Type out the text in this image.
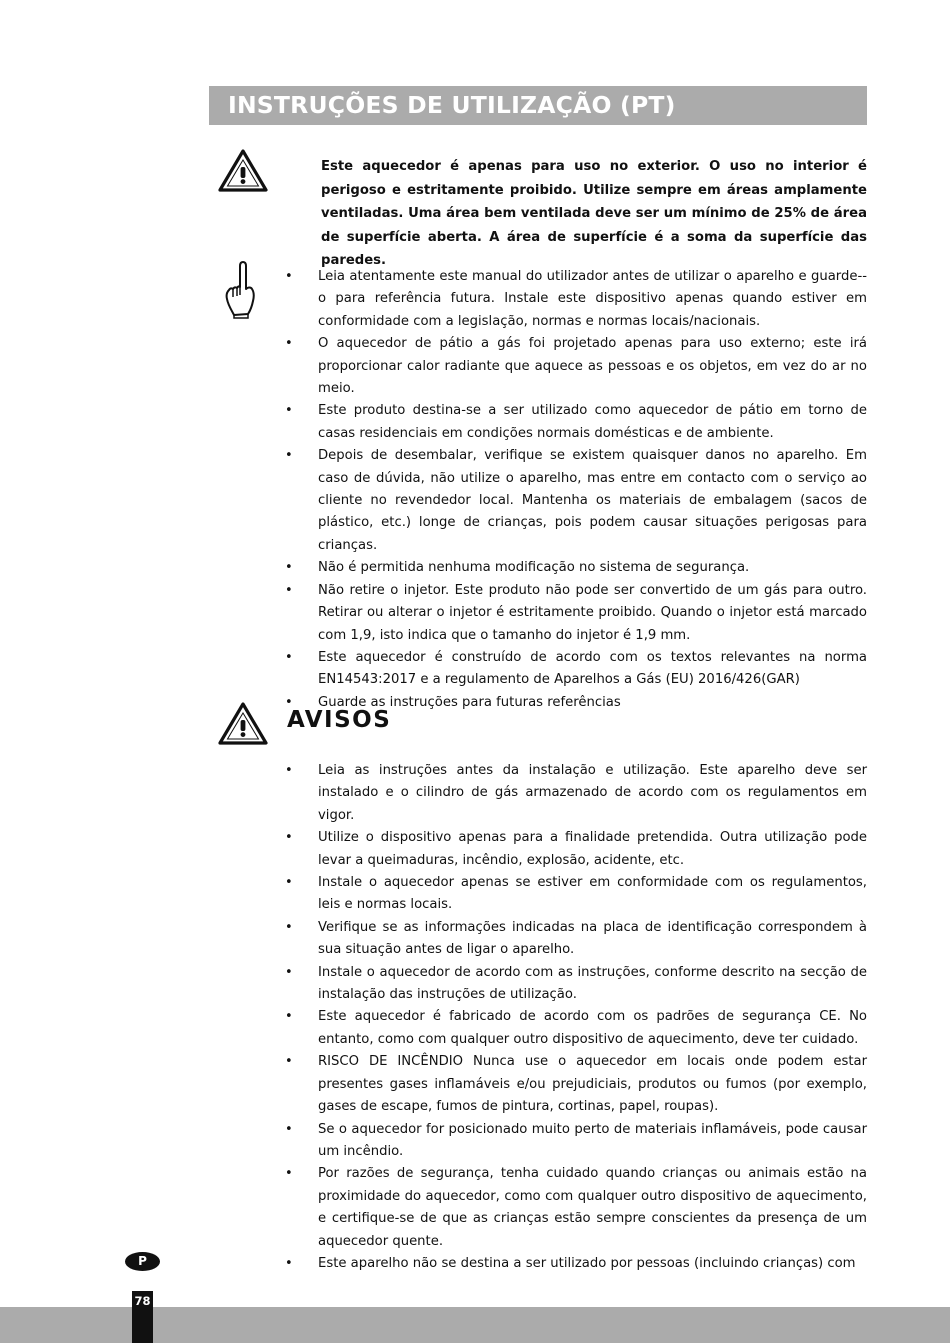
INSTRUÇÕES DE UTILIZAÇÃO (PT)
Este aquecedor é apenas para uso no exterior. O uso no interior é perigoso e estritamente proibido. Utilize sempre em áreas amplamente ventiladas. Uma área bem ventilada deve ser um mínimo de 25% de área de superfície aberta. A área de superfície é a soma da superfície das paredes.
• Leia atentamente este manual do utilizador antes de utilizar o aparelho e guarde--o para referência futura. Instale este dispositivo apenas quando estiver em conformidade com a legislação, normas e normas locais/nacionais.
• O aquecedor de pátio a gás foi projetado apenas para uso externo; este irá proporcionar calor radiante que aquece as pessoas e os objetos, em vez do ar no meio.
• Este produto destina-se a ser utilizado como aquecedor de pátio em torno de casas residenciais em condições normais domésticas e de ambiente.
• Depois de desembalar, verifique se existem quaisquer danos no aparelho. Em caso de dúvida, não utilize o aparelho, mas entre em contacto com o serviço ao cliente no revendedor local. Mantenha os materiais de embalagem (sacos de plástico, etc.) longe de crianças, pois podem causar situações perigosas para crianças.
• Não é permitida nenhuma modificação no sistema de segurança.
• Não retire o injetor. Este produto não pode ser convertido de um gás para outro. Retirar ou alterar o injetor é estritamente proibido. Quando o injetor está marcado com 1,9, isto indica que o tamanho do injetor é 1,9 mm.
• Este aquecedor é construído de acordo com os textos relevantes na norma EN14543:2017 e a regulamento de Aparelhos a Gás (EU) 2016/426(GAR)
• Guarde as instruções para futuras referências
AVISOS
• Leia as instruções antes da instalação e utilização. Este aparelho deve ser instalado e o cilindro de gás armazenado de acordo com os regulamentos em vigor.
• Utilize o dispositivo apenas para a finalidade pretendida. Outra utilização pode levar a queimaduras, incêndio, explosão, acidente, etc.
• Instale o aquecedor apenas se estiver em conformidade com os regulamentos, leis e normas locais.
• Verifique se as informações indicadas na placa de identificação correspondem à sua situação antes de ligar o aparelho.
• Instale o aquecedor de acordo com as instruções, conforme descrito na secção de instalação das instruções de utilização.
• Este aquecedor é fabricado de acordo com os padrões de segurança CE. No entanto, como com qualquer outro dispositivo de aquecimento, deve ter cuidado.
• RISCO DE INCÊNDIO Nunca use o aquecedor em locais onde podem estar presentes gases inflamáveis e/ou prejudiciais, produtos ou fumos (por exemplo, gases de escape, fumos de pintura, cortinas, papel, roupas).
• Se o aquecedor for posicionado muito perto de materiais inflamáveis, pode causar um incêndio.
• Por razões de segurança, tenha cuidado quando crianças ou animais estão na proximidade do aquecedor, como com qualquer outro dispositivo de aquecimento, e certifique-se de que as crianças estão sempre conscientes da presença de um aquecedor quente.
• Este aparelho não se destina a ser utilizado por pessoas (incluindo crianças) com
P
78
